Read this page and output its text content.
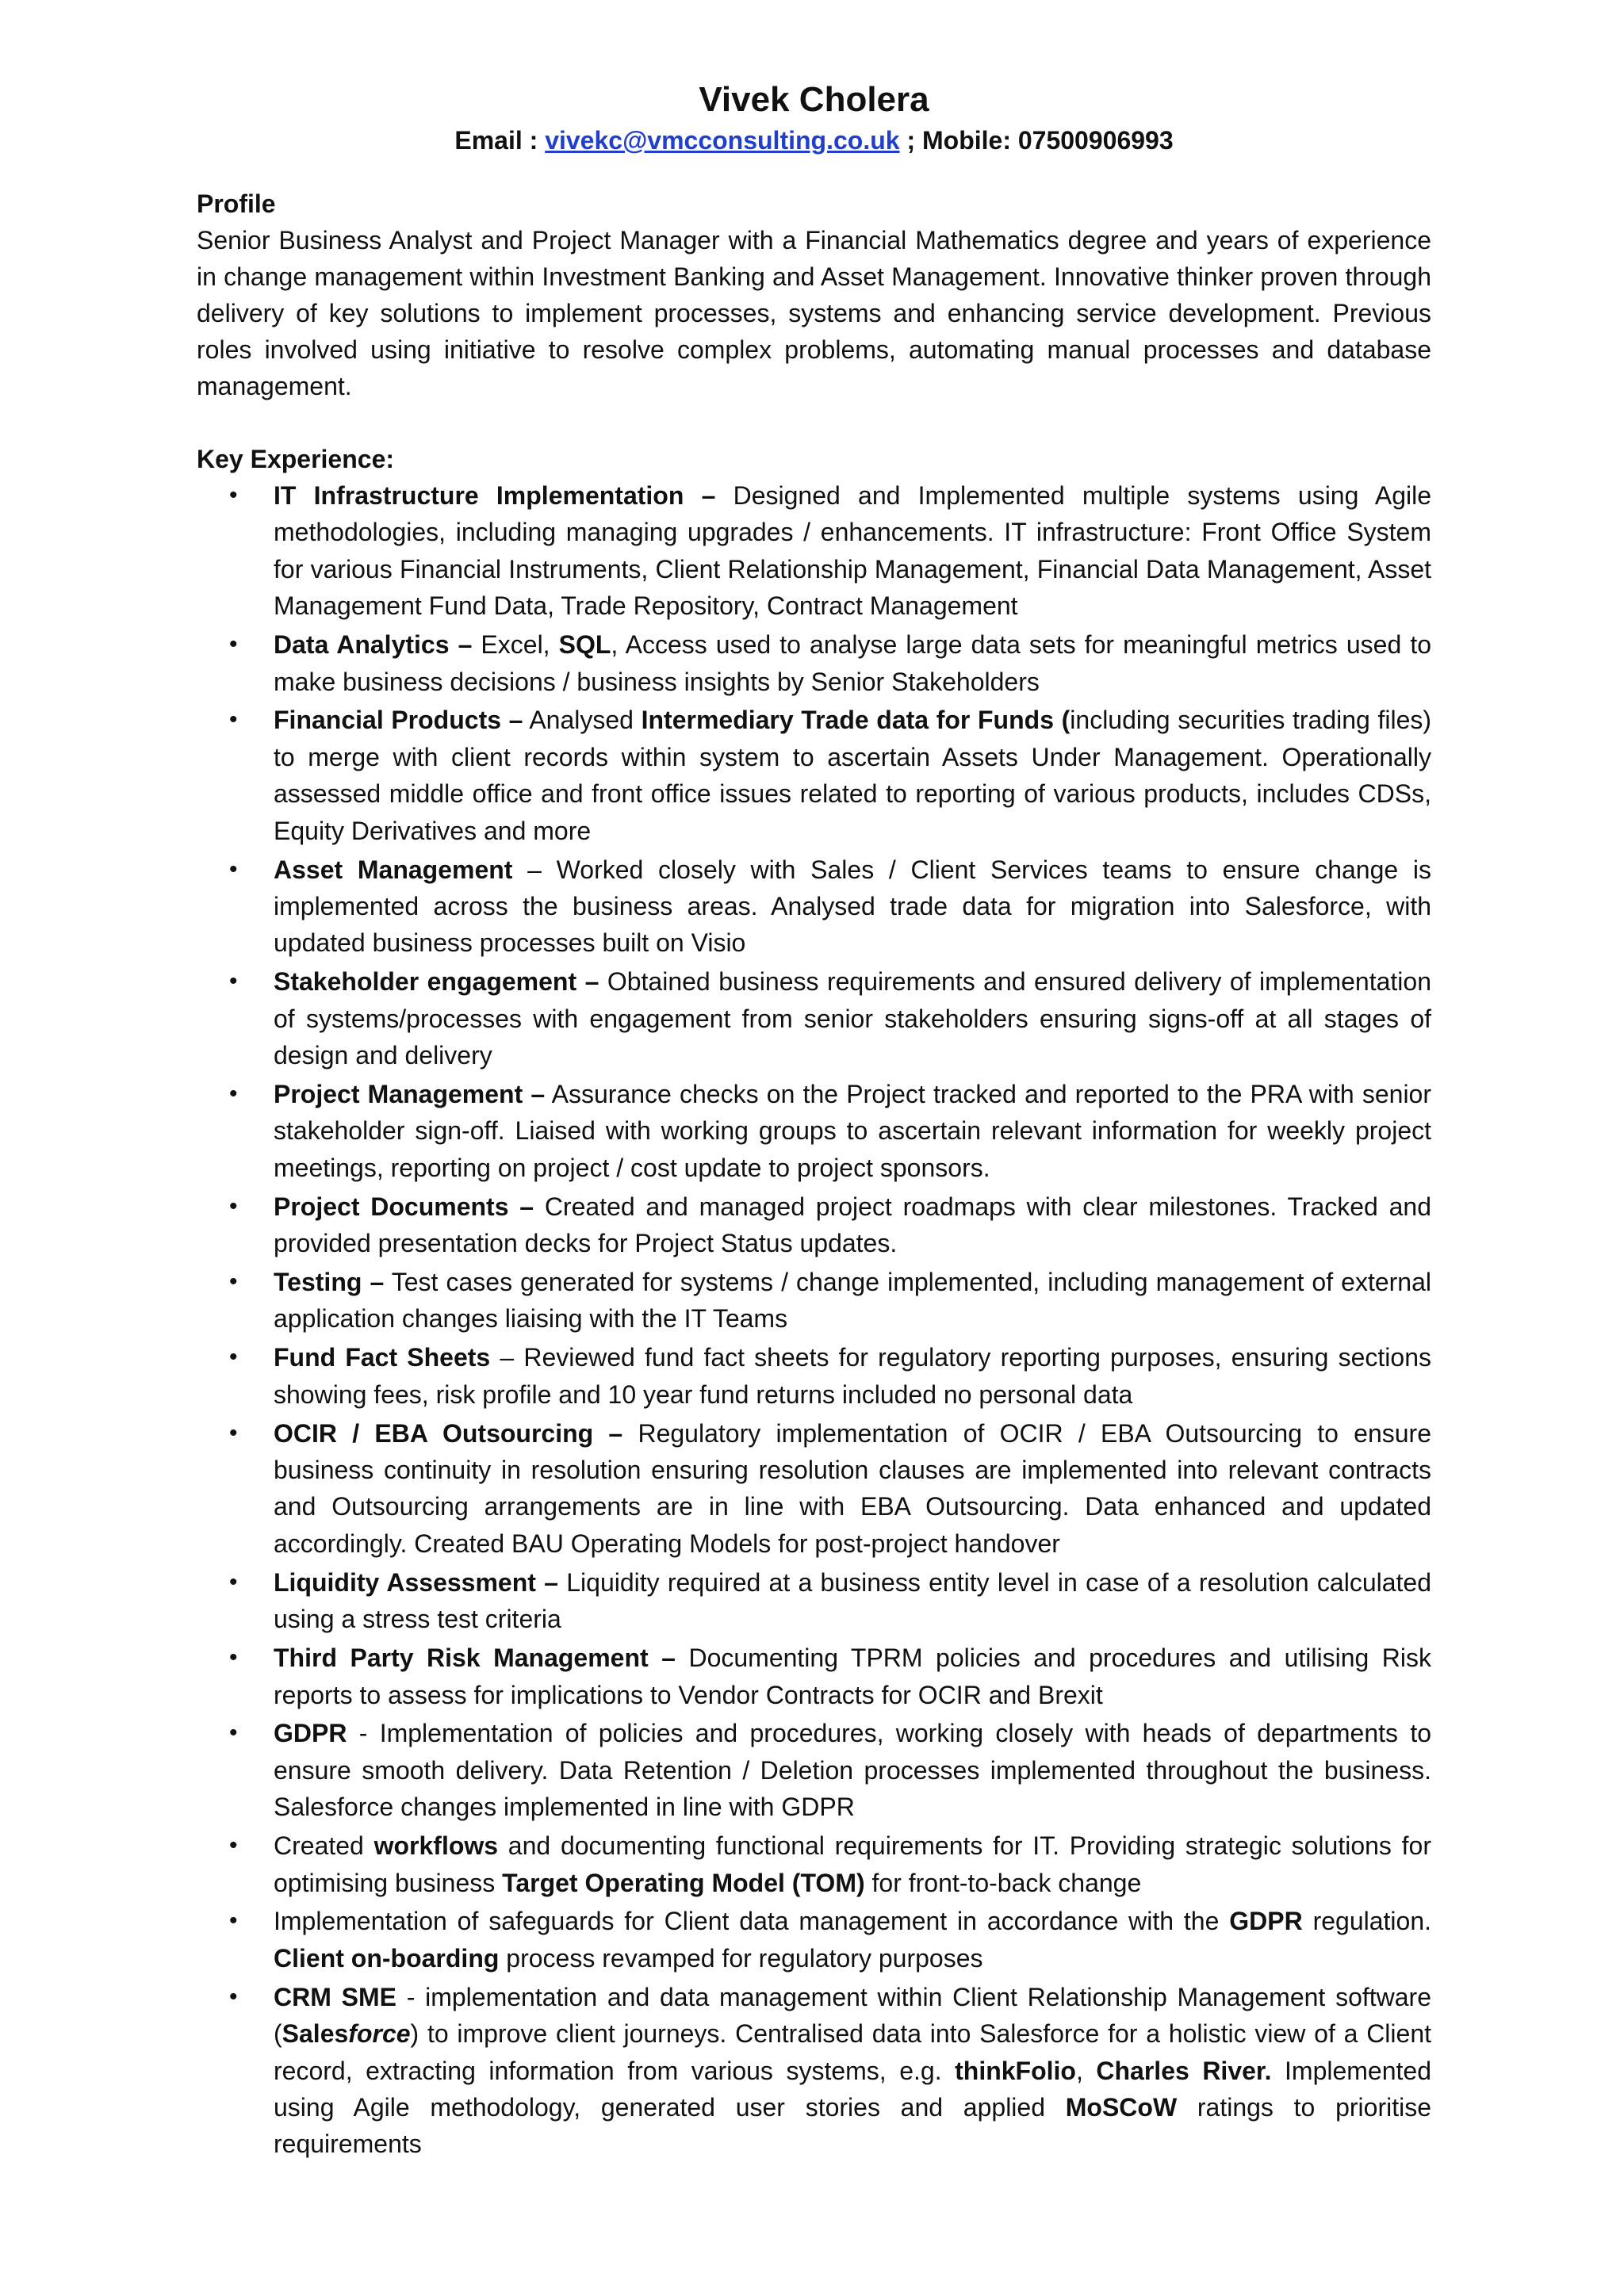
Vivek Cholera

Email : vivekc@vmcconsulting.co.uk ; Mobile: 07500906993

Profile

Senior Business Analyst and Project Manager with a Financial Mathematics degree and years of experience in change management within Investment Banking and Asset Management. Innovative thinker proven through delivery of key solutions to implement processes, systems and enhancing service development. Previous roles involved using initiative to resolve complex problems, automating manual processes and database management.

Key Experience:
• IT Infrastructure Implementation – Designed and Implemented multiple systems using Agile methodologies, including managing upgrades / enhancements. IT infrastructure: Front Office System for various Financial Instruments, Client Relationship Management, Financial Data Management, Asset Management Fund Data, Trade Repository, Contract Management
• Data Analytics – Excel, SQL, Access used to analyse large data sets for meaningful metrics used to make business decisions / business insights by Senior Stakeholders
• Financial Products – Analysed Intermediary Trade data for Funds (including securities trading files) to merge with client records within system to ascertain Assets Under Management. Operationally assessed middle office and front office issues related to reporting of various products, includes CDSs, Equity Derivatives and more
• Asset Management – Worked closely with Sales / Client Services teams to ensure change is implemented across the business areas. Analysed trade data for migration into Salesforce, with updated business processes built on Visio
• Stakeholder engagement – Obtained business requirements and ensured delivery of implementation of systems/processes with engagement from senior stakeholders ensuring signs-off at all stages of design and delivery
• Project Management – Assurance checks on the Project tracked and reported to the PRA with senior stakeholder sign-off. Liaised with working groups to ascertain relevant information for weekly project meetings, reporting on project / cost update to project sponsors.
• Project Documents – Created and managed project roadmaps with clear milestones. Tracked and provided presentation decks for Project Status updates.
• Testing – Test cases generated for systems / change implemented, including management of external application changes liaising with the IT Teams
• Fund Fact Sheets – Reviewed fund fact sheets for regulatory reporting purposes, ensuring sections showing fees, risk profile and 10 year fund returns included no personal data
• OCIR / EBA Outsourcing – Regulatory implementation of OCIR / EBA Outsourcing to ensure business continuity in resolution ensuring resolution clauses are implemented into relevant contracts and Outsourcing arrangements are in line with EBA Outsourcing. Data enhanced and updated accordingly. Created BAU Operating Models for post-project handover
• Liquidity Assessment – Liquidity required at a business entity level in case of a resolution calculated using a stress test criteria
• Third Party Risk Management – Documenting TPRM policies and procedures and utilising Risk reports to assess for implications to Vendor Contracts for OCIR and Brexit
• GDPR - Implementation of policies and procedures, working closely with heads of departments to ensure smooth delivery. Data Retention / Deletion processes implemented throughout the business. Salesforce changes implemented in line with GDPR
• Created workflows and documenting functional requirements for IT. Providing strategic solutions for optimising business Target Operating Model (TOM) for front-to-back change
• Implementation of safeguards for Client data management in accordance with the GDPR regulation. Client on-boarding process revamped for regulatory purposes
• CRM SME - implementation and data management within Client Relationship Management software (Salesforce) to improve client journeys. Centralised data into Salesforce for a holistic view of a Client record, extracting information from various systems, e.g. thinkFolio, Charles River. Implemented using Agile methodology, generated user stories and applied MoSCoW ratings to prioritise requirements
